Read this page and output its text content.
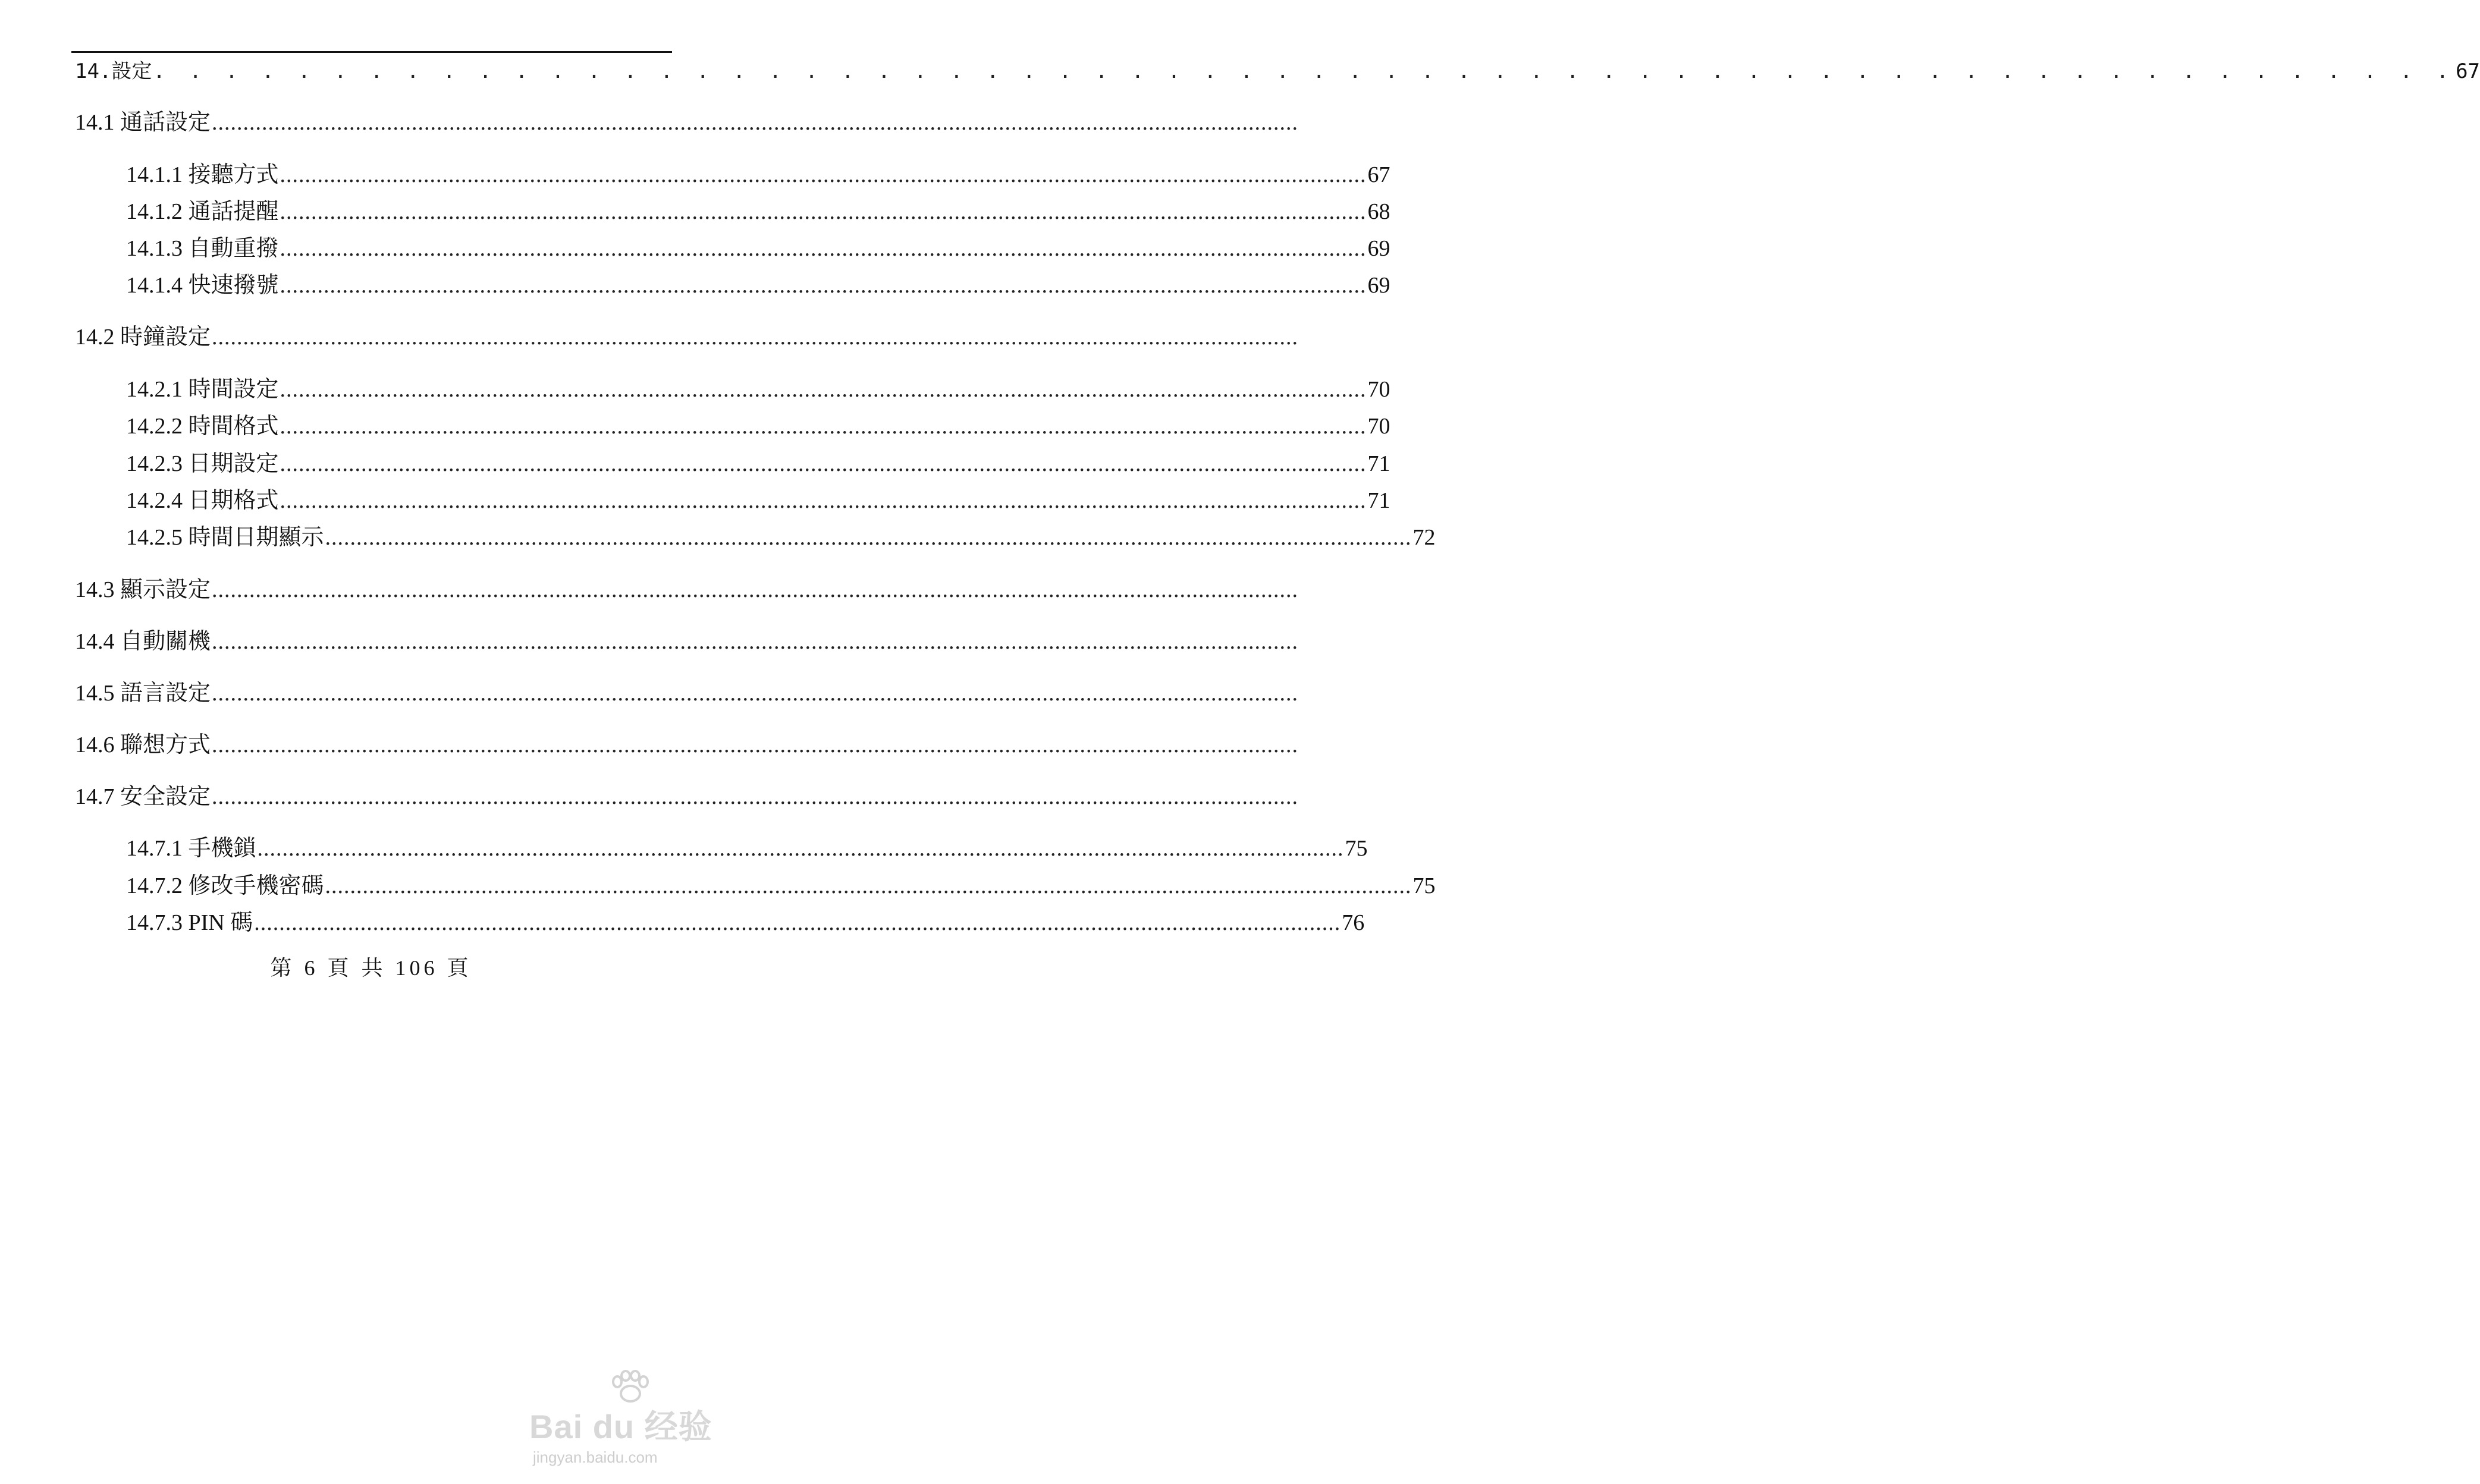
14.設定 . . . . . . . . . . . . . . . . . . . . . . . . . . . . . . . . . . . . . . . . . . . . . . . . . . . . . . . . . . . . . . . . 67
14.1 通話設定 ..............................................................................................................................................................................
14.1.1 接聽方式 .............................................................................................................................................................................. 67
14.1.2 通話提醒 .............................................................................................................................................................................. 68
14.1.3 自動重撥 .............................................................................................................................................................................. 69
14.1.4 快速撥號 .............................................................................................................................................................................. 69
14.2 時鐘設定 ..............................................................................................................................................................................
14.2.1 時間設定 .............................................................................................................................................................................. 70
14.2.2 時間格式 .............................................................................................................................................................................. 70
14.2.3 日期設定 .............................................................................................................................................................................. 71
14.2.4 日期格式 .............................................................................................................................................................................. 71
14.2.5 時間日期顯示 .............................................................................................................................................................................. 72
14.3 顯示設定 ..............................................................................................................................................................................
14.4 自動關機 ..............................................................................................................................................................................
14.5 語言設定 ..............................................................................................................................................................................
14.6 聯想方式 ..............................................................................................................................................................................
14.7 安全設定 ..............................................................................................................................................................................
14.7.1 手機鎖 .............................................................................................................................................................................. 75
14.7.2 修改手機密碼 .............................................................................................................................................................................. 75
14.7.3 PIN 碼 .............................................................................................................................................................................. 76
第 6 頁 共 106 頁
Bai du 经验
jingyan.baidu.com
